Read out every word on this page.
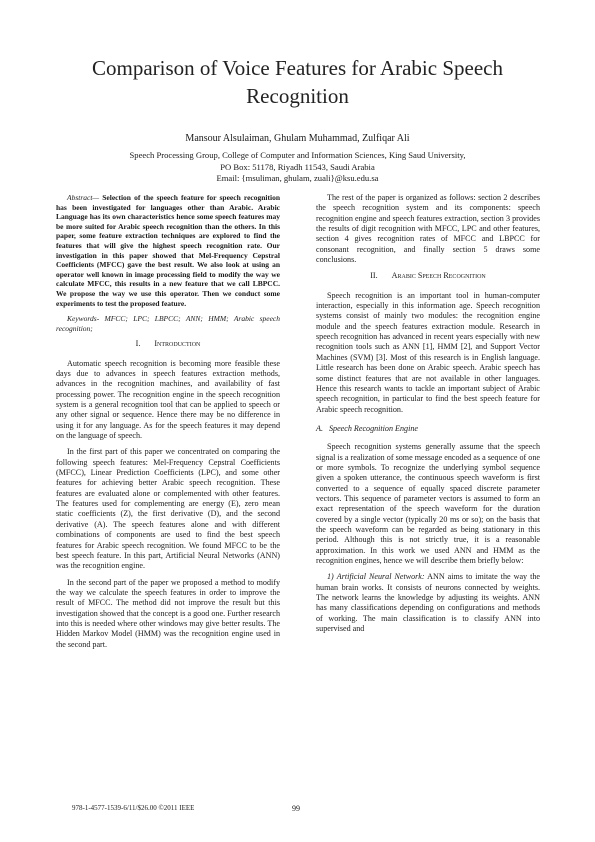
Comparison of Voice Features for Arabic Speech Recognition
Mansour Alsulaiman, Ghulam Muhammad, Zulfiqar Ali
Speech Processing Group, College of Computer and Information Sciences, King Saud University,
PO Box: 51178, Riyadh 11543, Saudi Arabia
Email: {msuliman, ghulam, zuali}@ksu.edu.sa

Abstract— Selection of the speech feature for speech recognition has been investigated for languages other than Arabic. Arabic Language has its own characteristics hence some speech features may be more suited for Arabic speech recognition than the others. In this paper, some feature extraction techniques are explored to find the features that will give the highest speech recognition rate. Our investigation in this paper showed that Mel-Frequency Cepstral Coefficients (MFCC) gave the best result. We also look at using an operator well known in image processing field to modify the way we calculate MFCC, this results in a new feature that we call LBPCC. We propose the way we use this operator. Then we conduct some experiments to test the proposed feature.

Keywords- MFCC; LPC; LBPCC; ANN; HMM; Arabic speech recognition;

I. Introduction

Automatic speech recognition is becoming more feasible these days due to advances in speech features extraction methods, advances in the recognition machines, and availability of fast processing power. The recognition engine in the speech recognition system is a general recognition tool that can be applied to speech or any other signal or sequence. Hence there may be no difference in using it for any language. As for the speech features it may depend on the language of speech.

In the first part of this paper we concentrated on comparing the following speech features: Mel-Frequency Cepstral Coefficients (MFCC), Linear Prediction Coefficients (LPC), and some other features for achieving better Arabic speech recognition. These features are evaluated alone or complemented with other features. The features used for complementing are energy (E), zero mean static coefficients (Z), the first derivative (D), and the second derivative (A). The speech features alone and with different combinations of components are used to find the best speech features for Arabic speech recognition. We found MFCC to be the best speech feature. In this part, Artificial Neural Networks (ANN) was the recognition engine.

In the second part of the paper we proposed a method to modify the way we calculate the speech features in order to improve the result of MFCC. The method did not improve the result but this investigation showed that the concept is a good one. Further research into this is needed where other windows may give better results. The Hidden Markov Model (HMM) was the recognition engine used in the second part.

The rest of the paper is organized as follows: section 2 describes the speech recognition system and its components: speech recognition engine and speech features extraction, section 3 provides the results of digit recognition with MFCC, LPC and other features, section 4 gives recognition rates of MFCC and LBPCC for consonant recognition, and finally section 5 draws some conclusions.

II. Arabic Speech Recognition

Speech recognition is an important tool in human-computer interaction, especially in this information age. Speech recognition systems consist of mainly two modules: the recognition engine module and the speech features extraction module. Research in speech recognition has advanced in recent years especially with new recognition tools such as ANN [1], HMM [2], and Support Vector Machines (SVM) [3]. Most of this research is in English language. Little research has been done on Arabic speech. Arabic speech has some distinct features that are not available in other languages. Hence this research wants to tackle an important subject of Arabic speech recognition, in particular to find the best speech feature for Arabic speech recognition.

A. Speech Recognition Engine

Speech recognition systems generally assume that the speech signal is a realization of some message encoded as a sequence of one or more symbols. To recognize the underlying symbol sequence given a spoken utterance, the continuous speech waveform is first converted to a sequence of equally spaced discrete parameter vectors. This sequence of parameter vectors is assumed to form an exact representation of the speech waveform for the duration covered by a single vector (typically 20 ms or so); on the basis that the speech waveform can be regarded as being stationary in this period. Although this is not strictly true, it is a reasonable approximation. In this work we used ANN and HMM as the recognition engines, hence we will describe them briefly below:

1) Artificial Neural Network: ANN aims to imitate the way the human brain works. It consists of neurons connected by weights. The network learns the knowledge by adjusting its weights. ANN has many classifications depending on configurations and methods of working. The main classification is to classify ANN into supervised and

978-1-4577-1539-6/11/$26.00 ©2011 IEEE	99
